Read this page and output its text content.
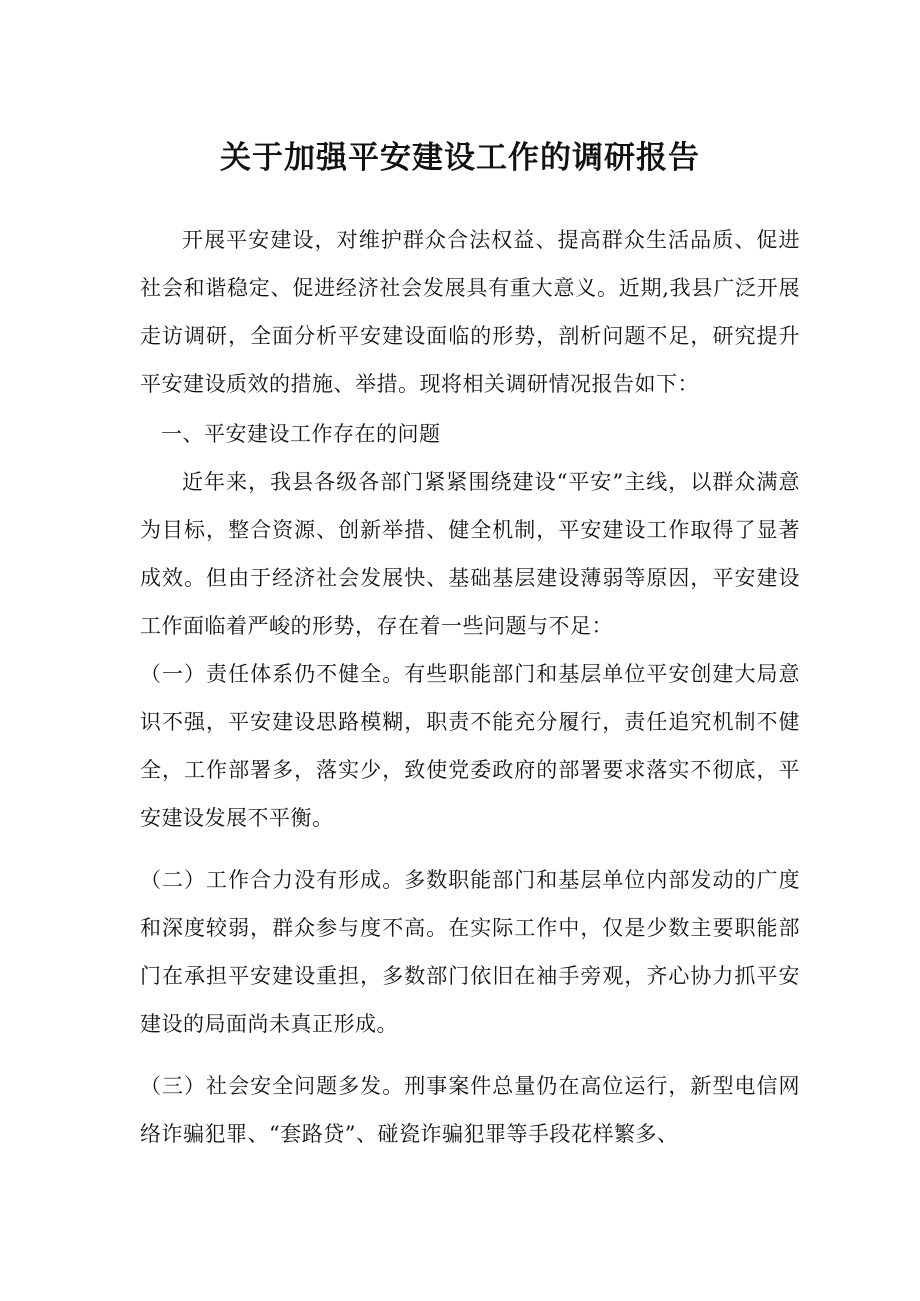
关于加强平安建设工作的调研报告

开展平安建设，对维护群众合法权益、提高群众生活品质、促进社会和谐稳定、促进经济社会发展具有重大意义。近期,我县广泛开展走访调研，全面分析平安建设面临的形势，剖析问题不足，研究提升平安建设质效的措施、举措。现将相关调研情况报告如下：

一、平安建设工作存在的问题

近年来，我县各级各部门紧紧围绕建设“平安”主线，以群众满意为目标，整合资源、创新举措、健全机制，平安建设工作取得了显著成效。但由于经济社会发展快、基础基层建设薄弱等原因，平安建设工作面临着严峻的形势，存在着一些问题与不足：

（一）责任体系仍不健全。有些职能部门和基层单位平安创建大局意识不强，平安建设思路模糊，职责不能充分履行，责任追究机制不健全，工作部署多，落实少，致使党委政府的部署要求落实不彻底，平安建设发展不平衡。

（二）工作合力没有形成。多数职能部门和基层单位内部发动的广度和深度较弱，群众参与度不高。在实际工作中，仅是少数主要职能部门在承担平安建设重担，多数部门依旧在袖手旁观，齐心协力抓平安建设的局面尚未真正形成。

（三）社会安全问题多发。刑事案件总量仍在高位运行，新型电信网络诈骗犯罪、“套路贷”、碰瓷诈骗犯罪等手段花样繁多、
